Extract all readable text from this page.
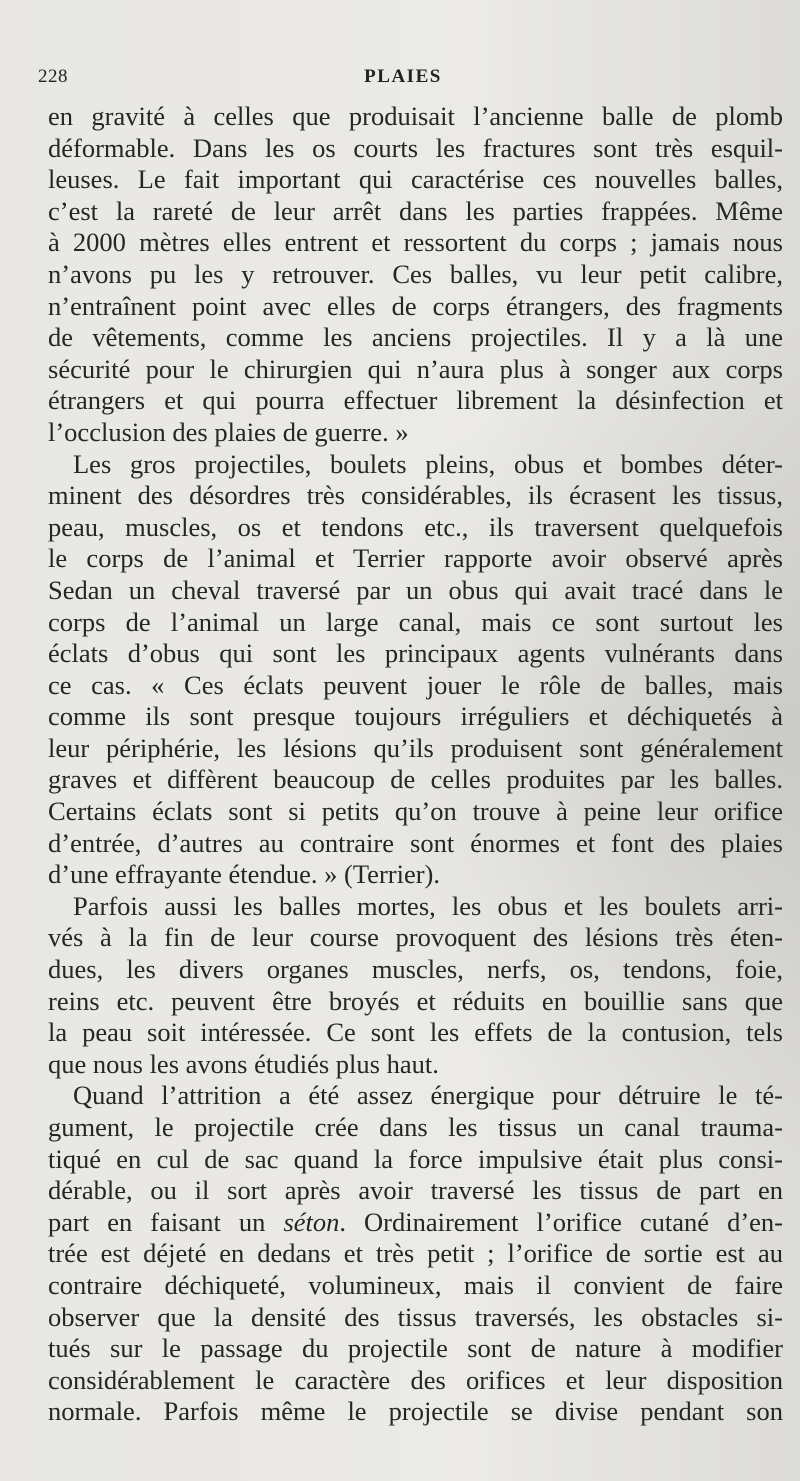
228	PLAIES
en gravité à celles que produisait l’ancienne balle de plomb
déformable. Dans les os courts les fractures sont très esquil-
leuses. Le fait important qui caractérise ces nouvelles balles,
c’est la rareté de leur arrêt dans les parties frappées. Même
à 2000 mètres elles entrent et ressortent du corps ; jamais nous
n’avons pu les y retrouver. Ces balles, vu leur petit calibre,
n’entraînent point avec elles de corps étrangers, des fragments
de vêtements, comme les anciens projectiles. Il y a là une
sécurité pour le chirurgien qui n’aura plus à songer aux corps
étrangers et qui pourra effectuer librement la désinfection et
l’occlusion des plaies de guerre. »
Les gros projectiles, boulets pleins, obus et bombes déter-
minent des désordres très considérables, ils écrasent les tissus,
peau, muscles, os et tendons etc., ils traversent quelquefois
le corps de l’animal et Terrier rapporte avoir observé après
Sedan un cheval traversé par un obus qui avait tracé dans le
corps de l’animal un large canal, mais ce sont surtout les
éclats d’obus qui sont les principaux agents vulnérants dans
ce cas. « Ces éclats peuvent jouer le rôle de balles, mais
comme ils sont presque toujours irréguliers et déchiquetés à
leur périphérie, les lésions qu’ils produisent sont généralement
graves et diffèrent beaucoup de celles produites par les balles.
Certains éclats sont si petits qu’on trouve à peine leur orifice
d’entrée, d’autres au contraire sont énormes et font des plaies
d’une effrayante étendue. » (Terrier).
Parfois aussi les balles mortes, les obus et les boulets arri-
vés à la fin de leur course provoquent des lésions très éten-
dues, les divers organes muscles, nerfs, os, tendons, foie,
reins etc. peuvent être broyés et réduits en bouillie sans que
la peau soit intéressée. Ce sont les effets de la contusion, tels
que nous les avons étudiés plus haut.
Quand l’attrition a été assez énergique pour détruire le té-
gument, le projectile crée dans les tissus un canal trauma-
tiqué en cul de sac quand la force impulsive était plus consi-
dérable, ou il sort après avoir traversé les tissus de part en
part en faisant un séton. Ordinairement l’orifice cutané d’en-
trée est déjeté en dedans et très petit ; l’orifice de sortie est au
contraire déchiqueté, volumineux, mais il convient de faire
observer que la densité des tissus traversés, les obstacles si-
tués sur le passage du projectile sont de nature à modifier
considérablement le caractère des orifices et leur disposition
normale. Parfois même le projectile se divise pendant son
